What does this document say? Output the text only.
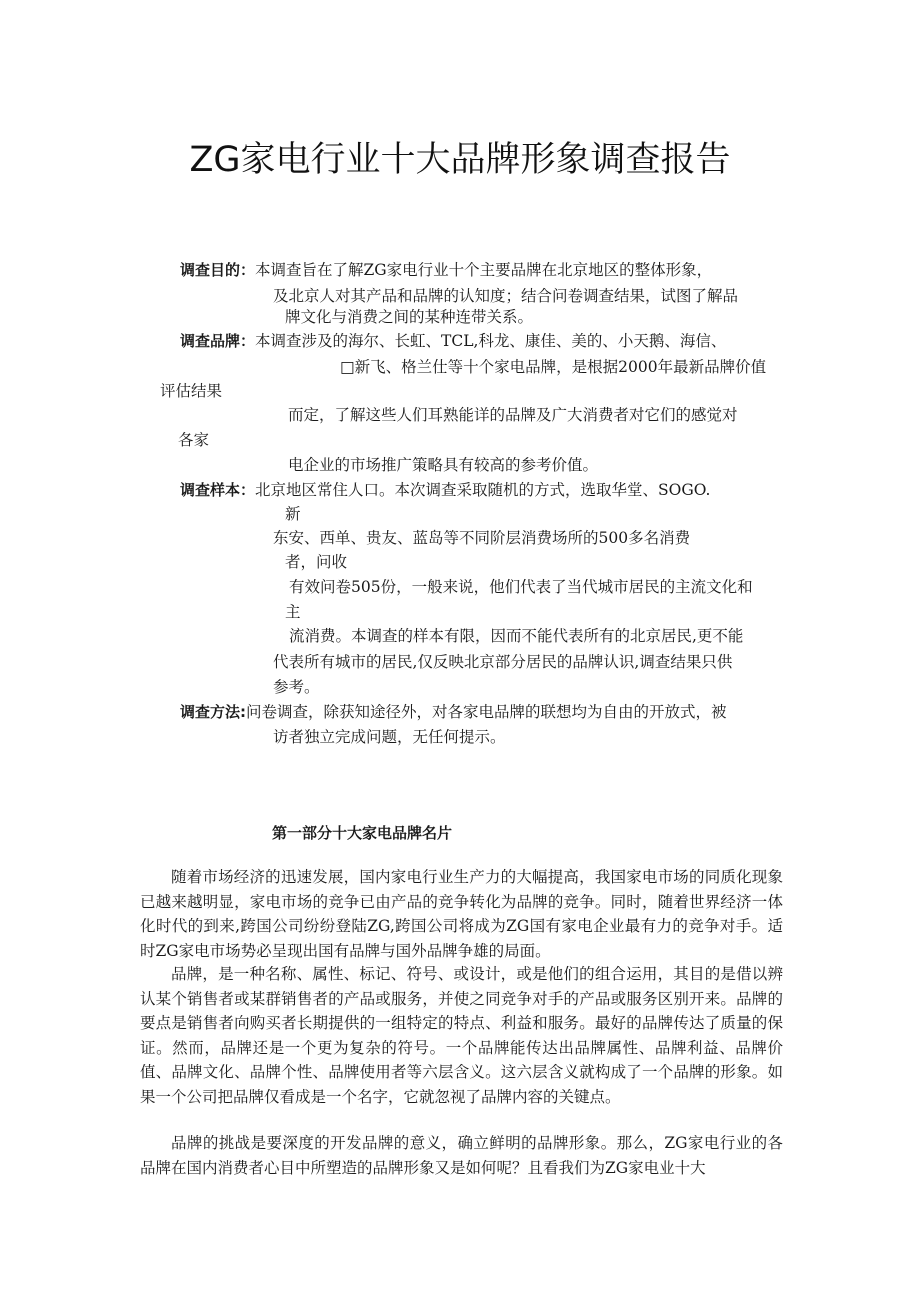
ZG家电行业十大品牌形象调查报告
调查目的：本调查旨在了解ZG家电行业十个主要品牌在北京地区的整体形象，
及北京人对其产品和品牌的认知度；结合问卷调查结果，试图了解品
牌文化与消费之间的某种连带关系。
调查品牌：本调查涉及的海尔、长虹、TCL,科龙、康佳、美的、小天鹅、海信、
□新飞、格兰仕等十个家电品牌，是根据2000年最新品牌价值
评估结果
而定，了解这些人们耳熟能详的品牌及广大消费者对它们的感觉对
各家
电企业的市场推广策略具有较高的参考价值。
调查样本：北京地区常住人口。本次调查采取随机的方式，选取华堂、SOGO.
新
东安、西单、贵友、蓝岛等不同阶层消费场所的500多名消费
者，问收
有效问卷505份，一般来说，他们代表了当代城市居民的主流文化和
主
流消费。本调查的样本有限，因而不能代表所有的北京居民,更不能
代表所有城市的居民,仅反映北京部分居民的品牌认识,调查结果只供
参考。
调查方法:问卷调查，除获知途径外，对各家电品牌的联想均为自由的开放式，被
访者独立完成问题，无任何提示。
第一部分十大家电品牌名片
随着市场经济的迅速发展，国内家电行业生产力的大幅提高，我国家电市场的同质化现象已越来越明显，家电市场的竞争已由产品的竞争转化为品牌的竞争。同时，随着世界经济一体化时代的到来,跨国公司纷纷登陆ZG,跨国公司将成为ZG国有家电企业最有力的竞争对手。适时ZG家电市场势必呈现出国有品牌与国外品牌争雄的局面。
品牌，是一种名称、属性、标记、符号、或设计，或是他们的组合运用，其目的是借以辨认某个销售者或某群销售者的产品或服务，并使之同竞争对手的产品或服务区别开来。品牌的要点是销售者向购买者长期提供的一组特定的特点、利益和服务。最好的品牌传达了质量的保证。然而，品牌还是一个更为复杂的符号。一个品牌能传达出品牌属性、品牌利益、品牌价值、品牌文化、品牌个性、品牌使用者等六层含义。这六层含义就构成了一个品牌的形象。如果一个公司把品牌仅看成是一个名字，它就忽视了品牌内容的关键点。
品牌的挑战是要深度的开发品牌的意义，确立鲜明的品牌形象。那么，ZG家电行业的各品牌在国内消费者心目中所塑造的品牌形象又是如何呢？且看我们为ZG家电业十大
